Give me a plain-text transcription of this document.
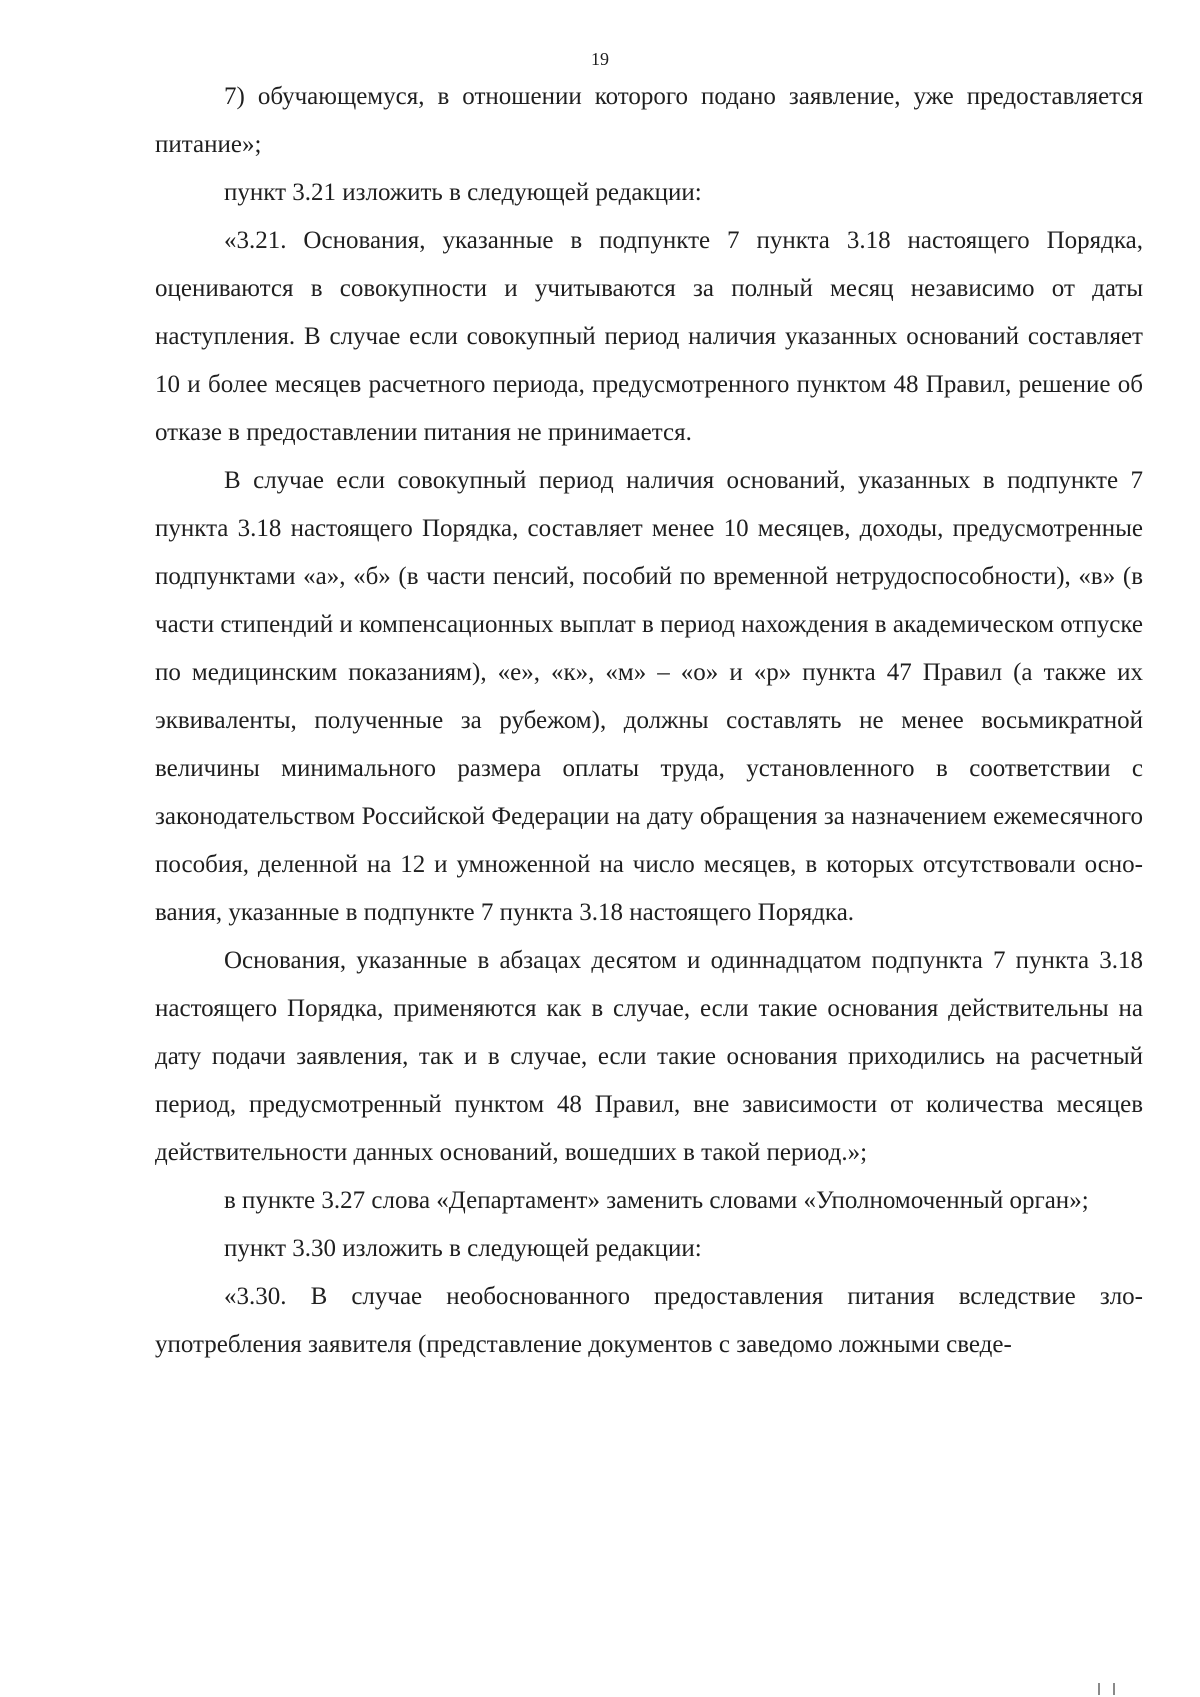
19

7) обучающемуся, в отношении которого подано заявление, уже предоставляется питание»;

пункт 3.21 изложить в следующей редакции:

«3.21. Основания, указанные в подпункте 7 пункта 3.18 настоящего Порядка, оцениваются в совокупности и учитываются за полный месяц независимо от даты наступления. В случае если совокупный период наличия указанных оснований составляет 10 и более месяцев расчетного периода, предусмотренного пунктом 48 Правил, решение об отказе в предоставлении питания не принимается.

В случае если совокупный период наличия оснований, указанных в подпункте 7 пункта 3.18 настоящего Порядка, составляет менее 10 месяцев, доходы, предусмотренные подпунктами «а», «б» (в части пенсий, пособий по временной нетрудоспособности), «в» (в части стипендий и компенсационных выплат в период нахождения в академическом отпуске по медицинским показаниям), «е», «к», «м» – «о» и «р» пункта 47 Правил (а также их эквиваленты, полученные за рубежом), должны составлять не менее восьмикратной величины минимального размера оплаты труда, установленного в соответствии с законодательством Российской Федерации на дату обращения за назначением ежемесячного пособия, деленной на 12 и умноженной на число месяцев, в которых отсутствовали основания, указанные в подпункте 7 пункта 3.18 настоящего Порядка.

Основания, указанные в абзацах десятом и одиннадцатом подпункта 7 пункта 3.18 настоящего Порядка, применяются как в случае, если такие основания действительны на дату подачи заявления, так и в случае, если такие основания приходились на расчетный период, предусмотренный пунктом 48 Правил, вне зависимости от количества месяцев действительности данных оснований, вошедших в такой период.»;

в пункте 3.27 слова «Департамент» заменить словами «Уполномоченный орган»;

пункт 3.30 изложить в следующей редакции:

«3.30. В случае необоснованного предоставления питания вследствие злоупотребления заявителя (представление документов с заведомо ложными сведе-
